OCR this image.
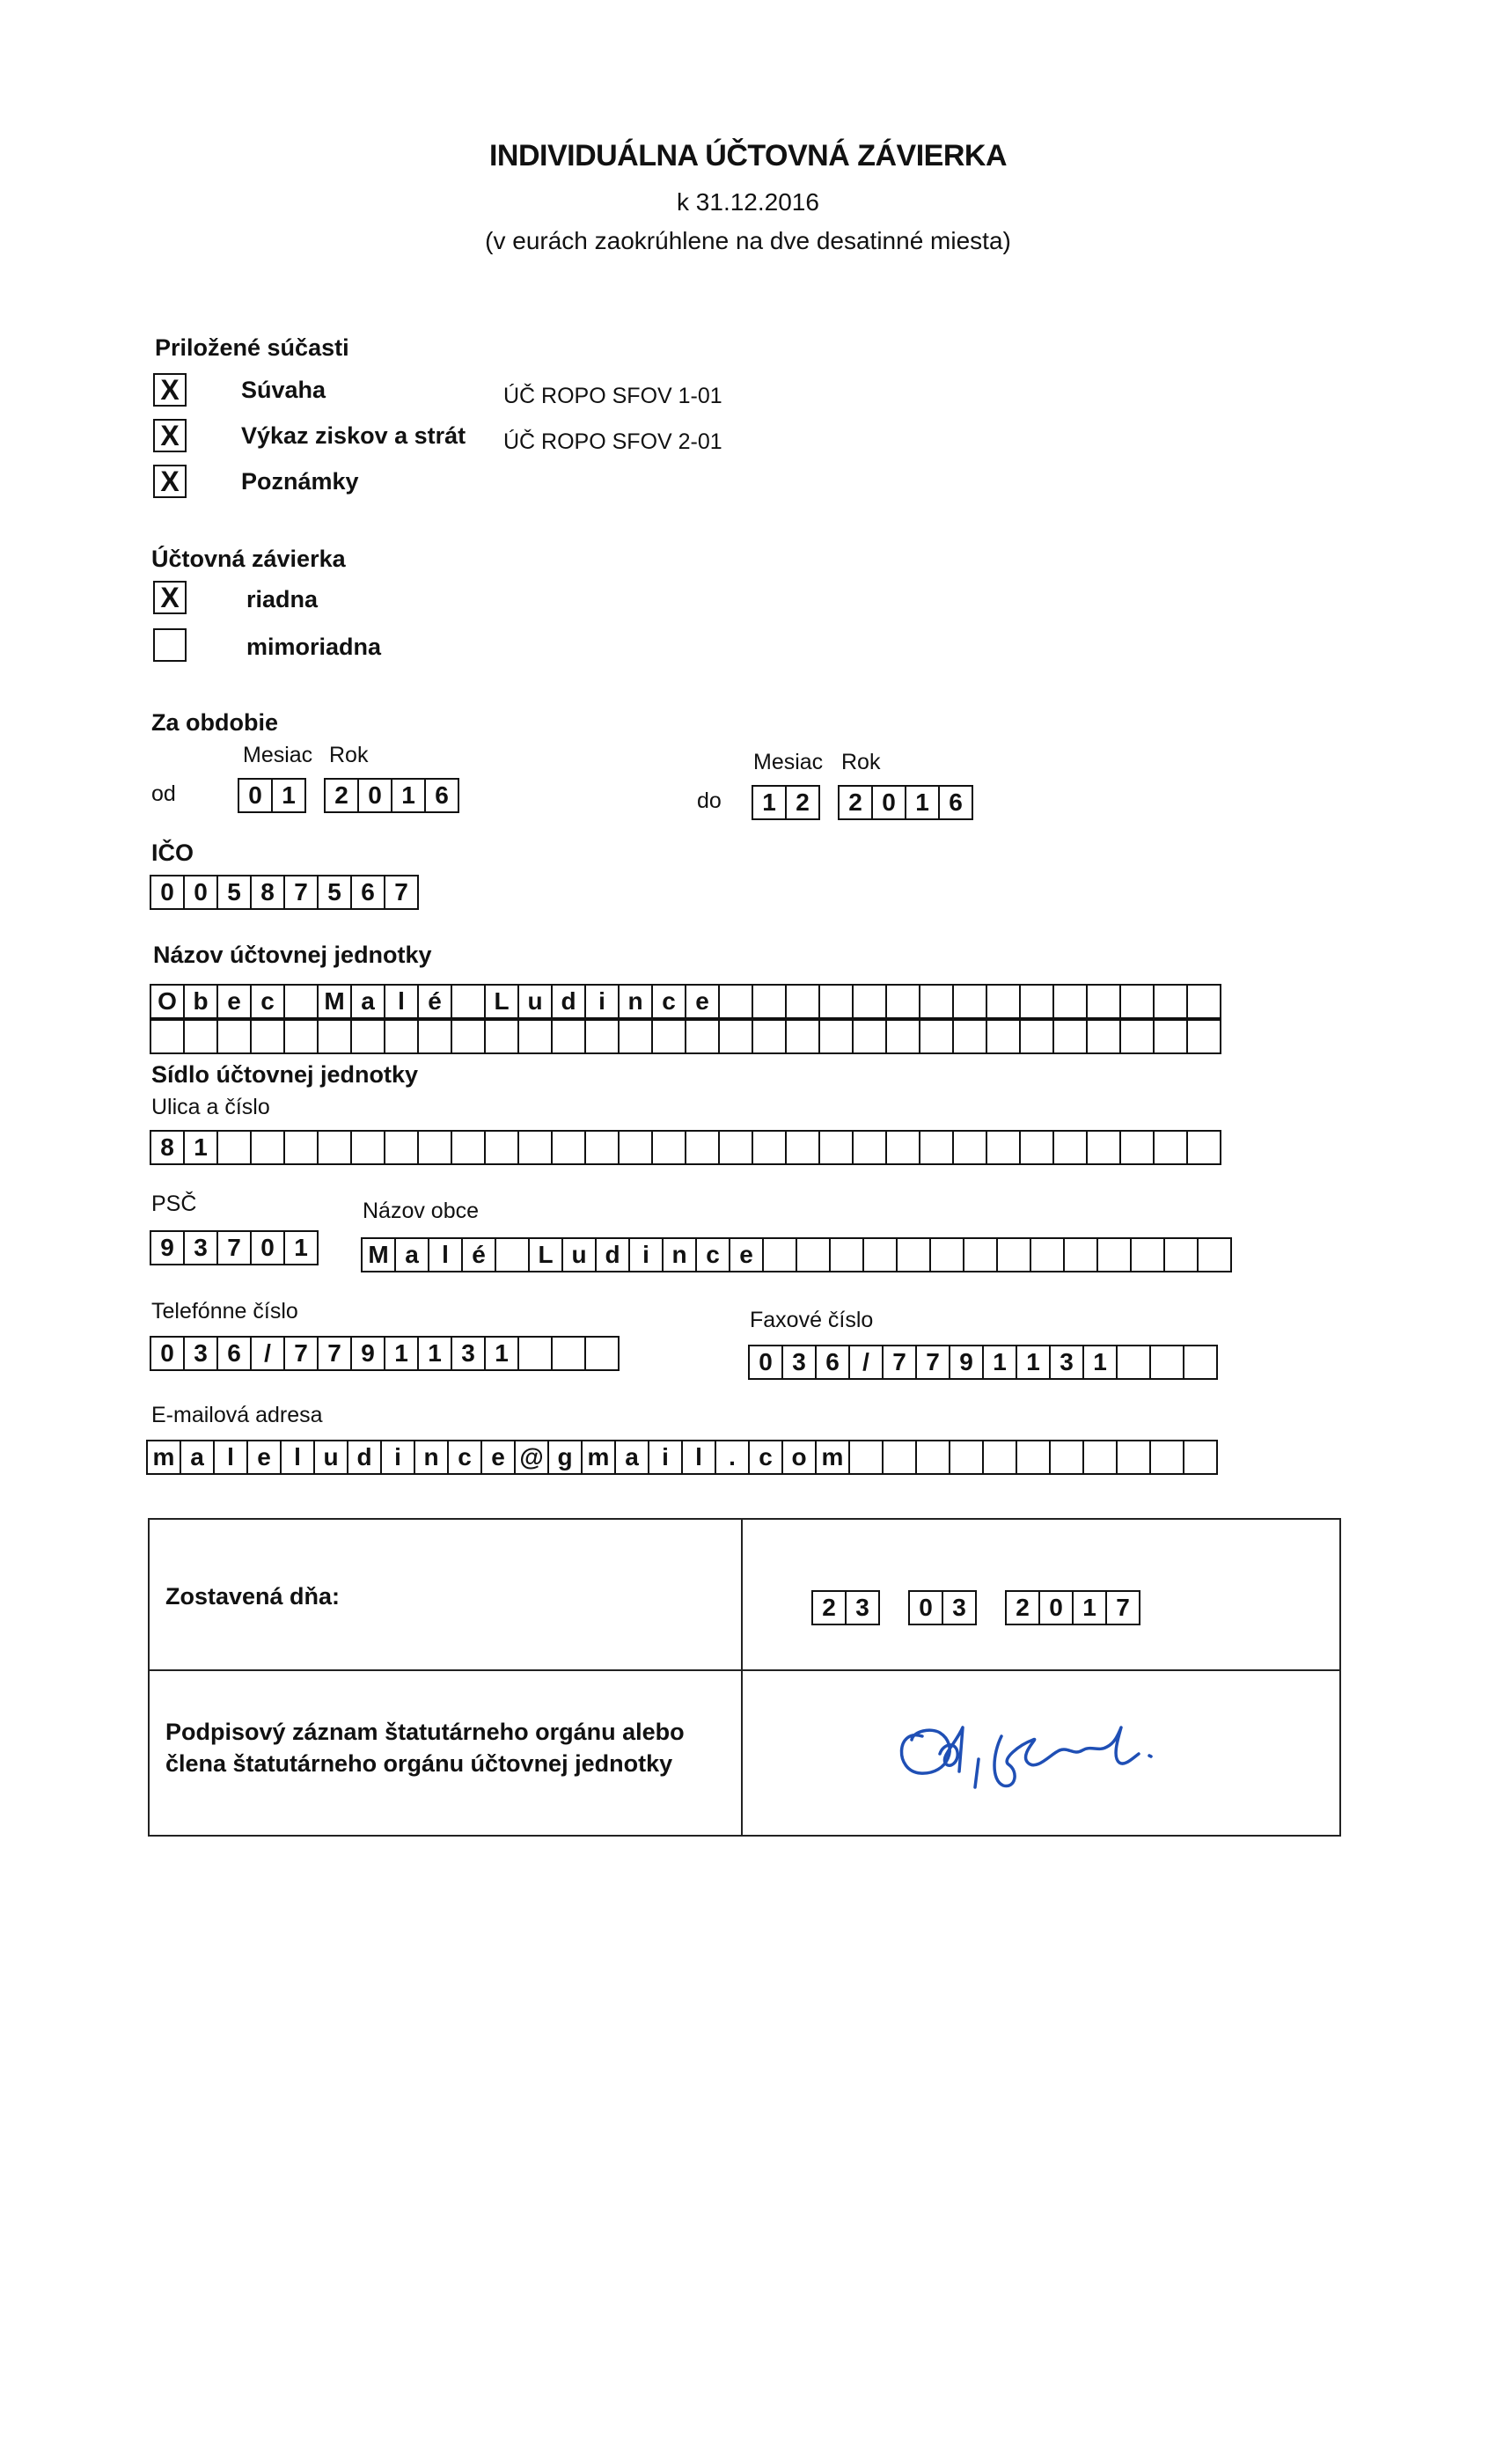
INDIVIDUÁLNA ÚČTOVNÁ ZÁVIERKA
k 31.12.2016
(v eurách zaokrúhlene na dve desatinné miesta)
Priložené súčasti
X	Súvaha	ÚČ ROPO SFOV 1-01
X	Výkaz ziskov a strát ÚČ ROPO SFOV 2-01
X	Poznámky
Účtovná závierka
X	riadna
mimoriadna
Za obdobie
Mesiac Rok
od	0 1	2 0 1 6
Mesiac Rok
do	1 2	2 0 1 6
IČO
0 0 5 8 7 5 6 7
Názov účtovnej jednotky
O b e c	M a l é	L u d i n c e
Sídlo účtovnej jednotky
Ulica a číslo
8 1
PSČ	Názov obce
9 3 7 0 1	M a l é	L u d i n c e
Telefónne číslo
0 3 6 / 7 7 9 1 1 3 1
Faxové číslo
0 3 6 / 7 7 9 1 1 3 1
E-mailová adresa
m a l e l u d i n c e @ g m a i	l	. c o m
Zostavená dňa:	2 3	0 3	2 0 1 7
Podpisový záznam štatutárneho orgánu alebo
člena štatutárneho orgánu účtovnej jednotky
